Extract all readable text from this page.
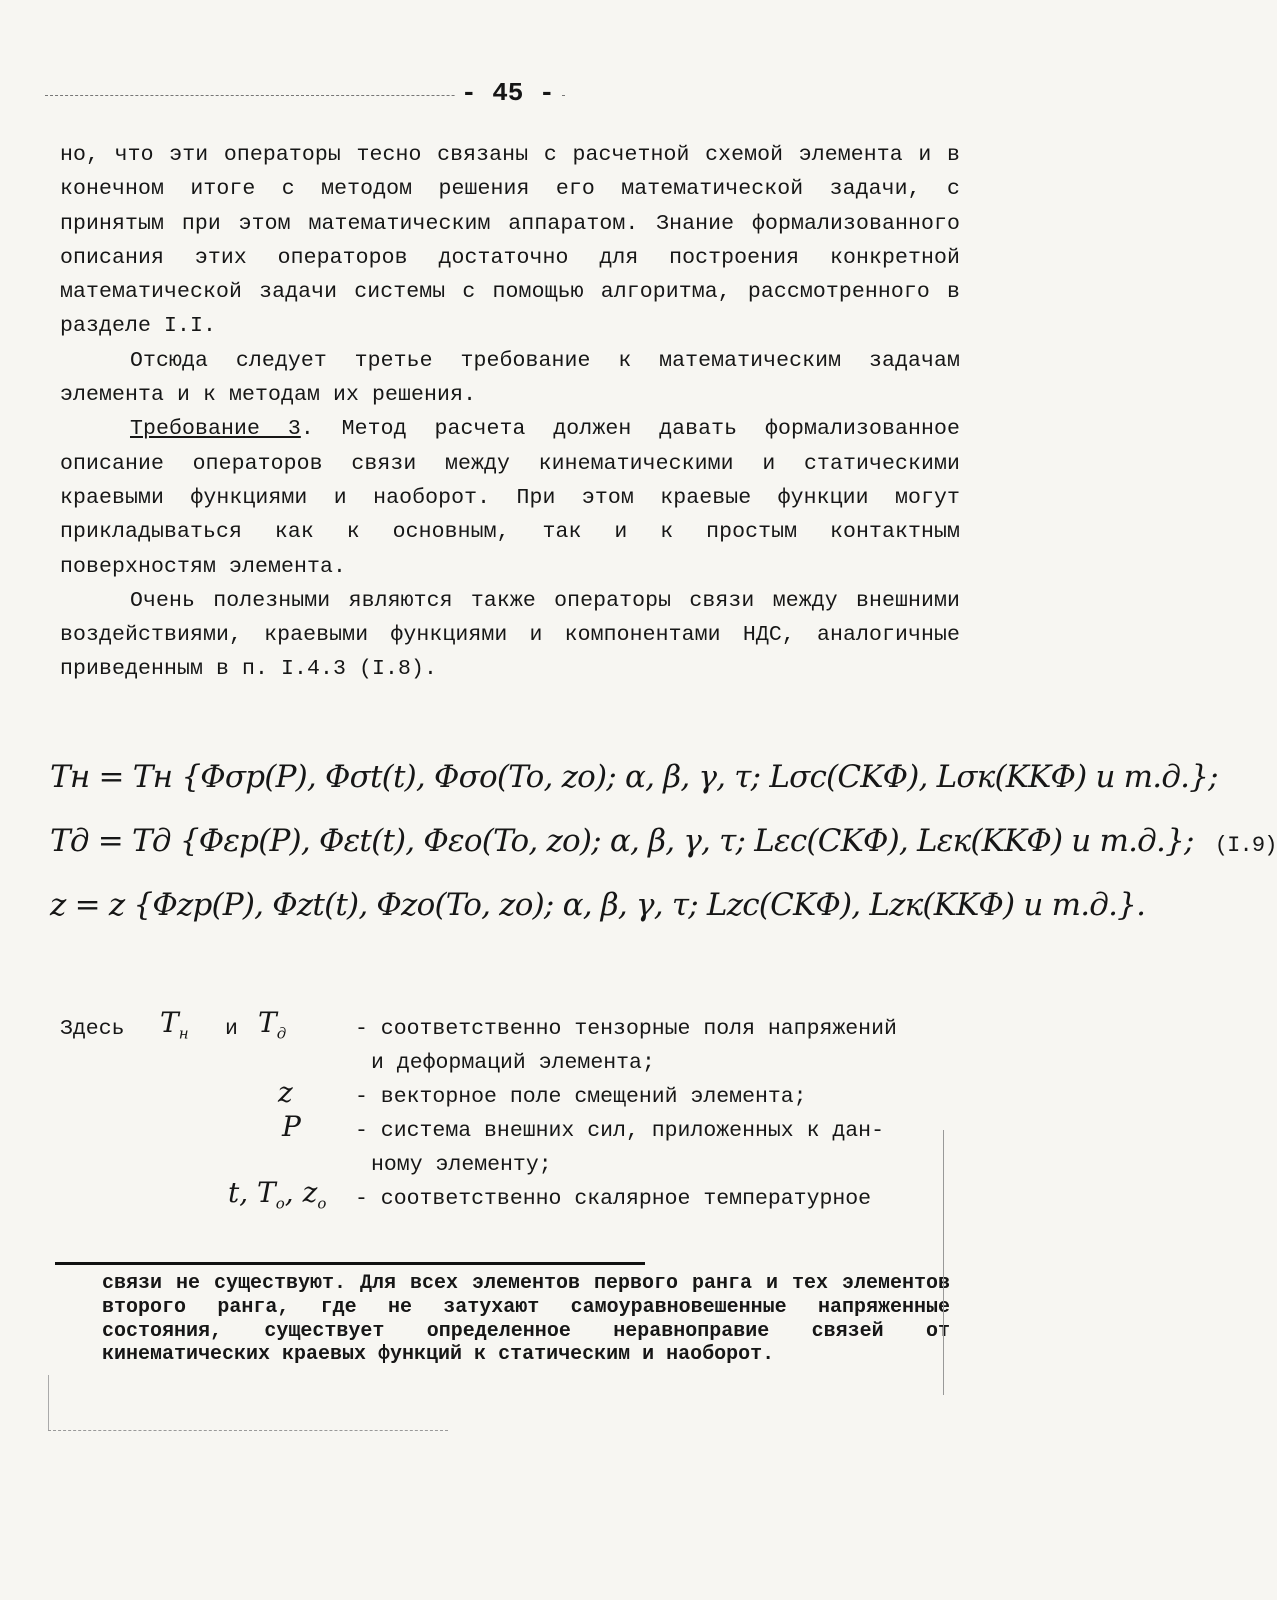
- 45 -

но, что эти операторы тесно связаны с расчетной схемой элемента и в конечном итоге с методом решения его математической задачи, с принятым при этом математическим аппаратом. Знание формализованного описания этих операторов достаточно для построения конкретной математической задачи системы с помощью алгоритма, рассмотренного в разделе I.I.

Отсюда следует третье требование к математическим задачам элемента и к методам их решения.

Требование 3. Метод расчета должен давать формализованное описание операторов связи между кинематическими и статическими краевыми функциями и наоборот. При этом краевые функции могут прикладываться как к основным, так и к простым контактным поверхностям элемента.

Очень полезными являются также операторы связи между внешними воздействиями, краевыми функциями и компонентами НДС, аналогичные приведенным в п. I.4.3 (I.8).

Tн = Tн {Φσp(P), Φσt(t), Φσo(To, zo); α, β, γ, τ; Lσc(CKΦ), Lσк(KKΦ) и т.д.};
Tд = Tд {Φεp(P), Φεt(t), Φεo(To, zo); α, β, γ, τ; Lεc(CKΦ), Lεк(KKΦ) и т.д.}; (I.9)
z = z {Φzp(P), Φzt(t), Φzo(To, zo); α, β, γ, τ; Lzc(CKΦ), Lzк(KKΦ) и т.д.}.
Здесь $T_н$ и $T_д$	- соответственно тензорные поля напряжений
и деформаций элемента;
z	- векторное поле смещений элемента;
P	- система внешних сил, приложенных к дан-
ному элементу;
t, $T_o$, $z_o$ - соответственно скалярное температурное

связи не существуют. Для всех элементов первого ранга и тех элементов второго ранга, где не затухают самоуравновешенные напряженные состояния, существует определенное неравноправие связей от кинематических краевых функций к статическим и наоборот.
